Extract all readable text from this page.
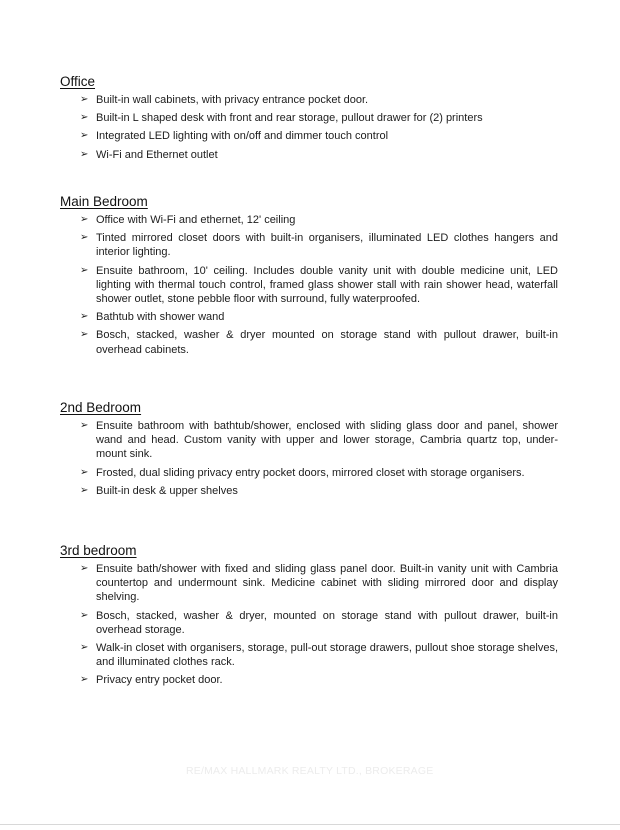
Office
➢ Built-in wall cabinets, with privacy entrance pocket door.
➢ Built-in L shaped desk with front and rear storage, pullout drawer for (2) printers
➢ Integrated LED lighting with on/off and dimmer touch control
➢ Wi-Fi and Ethernet outlet
Main Bedroom
➢ Office with Wi-Fi and ethernet, 12' ceiling
➢ Tinted mirrored closet doors with built-in organisers, illuminated LED clothes hangers and interior lighting.
➢ Ensuite bathroom, 10' ceiling. Includes double vanity unit with double medicine unit, LED lighting with thermal touch control, framed glass shower stall with rain shower head, waterfall shower outlet, stone pebble floor with surround, fully waterproofed.
➢ Bathtub with shower wand
➢ Bosch, stacked, washer & dryer mounted on storage stand with pullout drawer, built-in overhead cabinets.
2nd Bedroom
➢ Ensuite bathroom with bathtub/shower, enclosed with sliding glass door and panel, shower wand and head. Custom vanity with upper and lower storage, Cambria quartz top, under-mount sink.
➢ Frosted, dual sliding privacy entry pocket doors, mirrored closet with storage organisers.
➢ Built-in desk & upper shelves
3rd bedroom
➢ Ensuite bath/shower with fixed and sliding glass panel door. Built-in vanity unit with Cambria countertop and undermount sink. Medicine cabinet with sliding mirrored door and display shelving.
➢ Bosch, stacked, washer & dryer, mounted on storage stand with pullout drawer, built-in overhead storage.
➢ Walk-in closet with organisers, storage, pull-out storage drawers, pullout shoe storage shelves, and illuminated clothes rack.
➢ Privacy entry pocket door.
RE/MAX HALLMARK REALTY LTD., BROKERAGE
